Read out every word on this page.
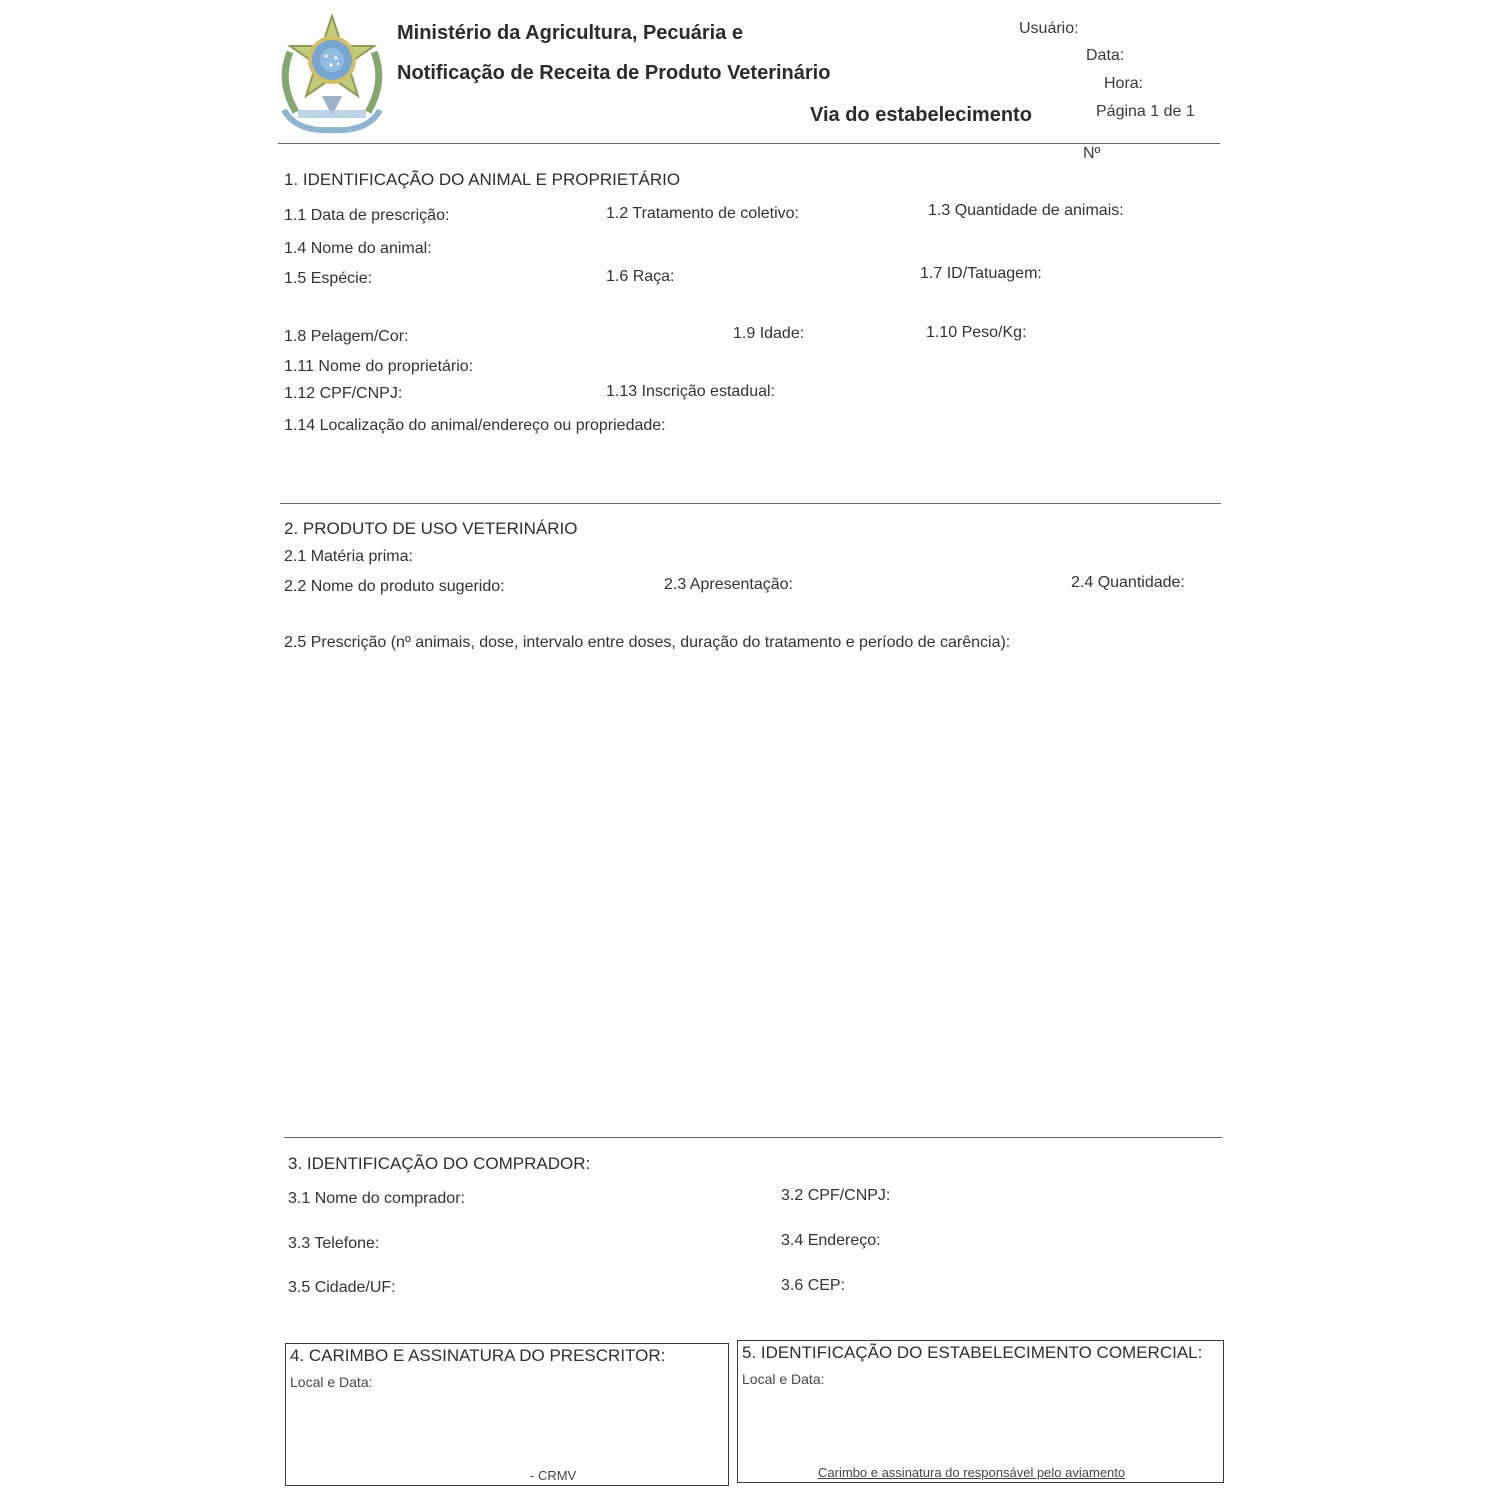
Ministério da Agricultura, Pecuária e
Notificação de Receita de Produto Veterinário
Via do estabelecimento
Usuário:
Data:
Hora:
Página 1 de 1
Nº
1. IDENTIFICAÇÃO DO ANIMAL E PROPRIETÁRIO
1.1 Data de prescrição:	1.2 Tratamento de coletivo:	1.3 Quantidade de animais:
1.4 Nome do animal:
1.5 Espécie:	1.6 Raça:	1.7 ID/Tatuagem:
1.8 Pelagem/Cor:	1.9 Idade:	1.10 Peso/Kg:
1.11 Nome do proprietário:
1.12 CPF/CNPJ:	1.13 Inscrição estadual:
1.14 Localização do animal/endereço ou propriedade:
2. PRODUTO DE USO VETERINÁRIO
2.1 Matéria prima:
2.2 Nome do produto sugerido:	2.3 Apresentação:	2.4 Quantidade:
2.5 Prescrição (nº animais, dose, intervalo entre doses, duração do tratamento e período de carência):
3. IDENTIFICAÇÃO DO COMPRADOR:
3.1 Nome do comprador:	3.2 CPF/CNPJ:
3.3 Telefone:	3.4 Endereço:
3.5 Cidade/UF:	3.6 CEP:
4. CARIMBO E ASSINATURA DO PRESCRITOR:
Local e Data:
- CRMV
5. IDENTIFICAÇÃO DO ESTABELECIMENTO COMERCIAL:
Local e Data:
Carimbo e assinatura do responsável pelo aviamento
